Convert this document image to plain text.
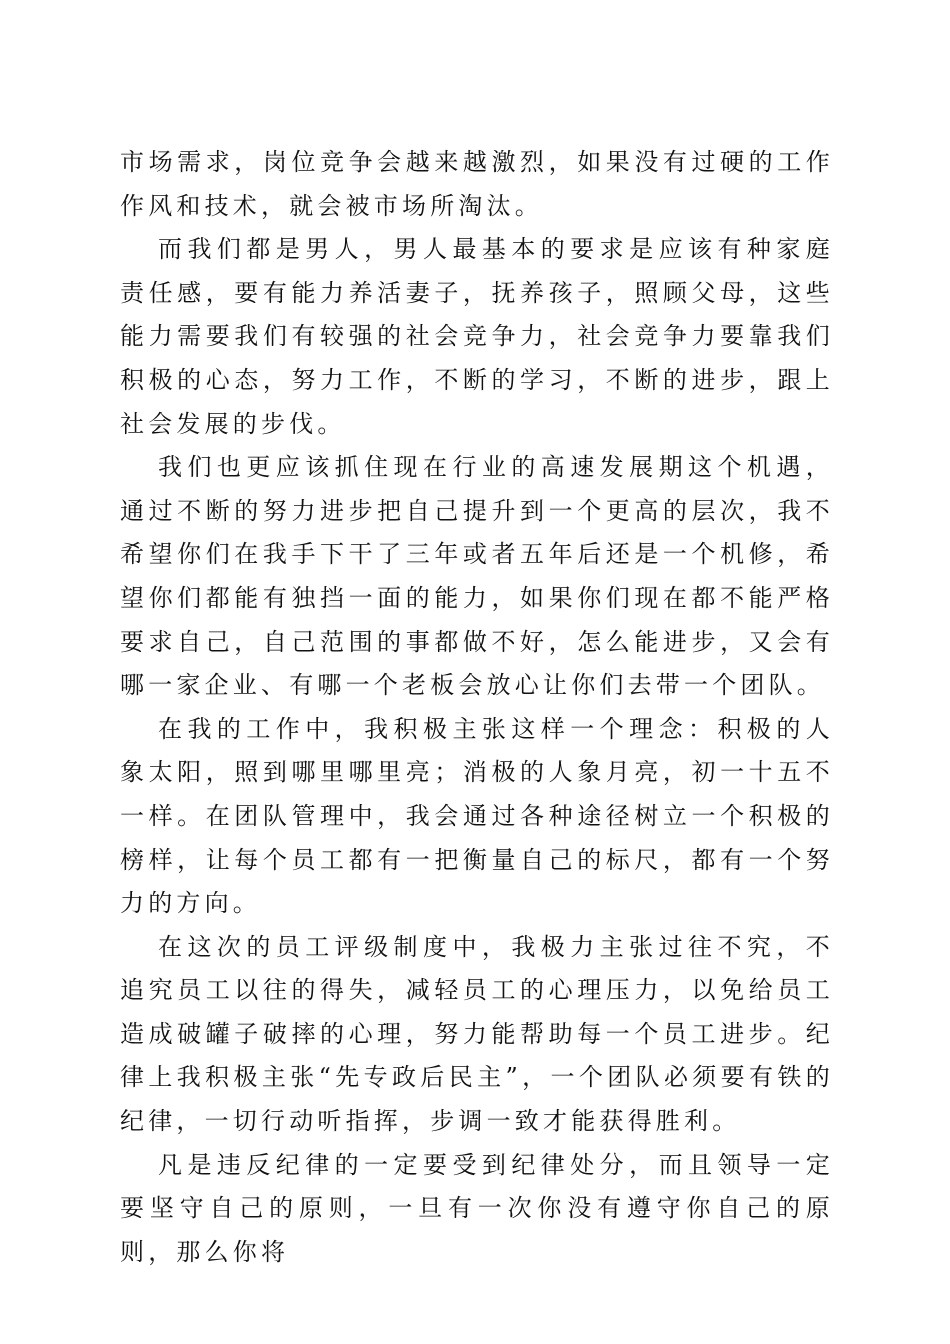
市场需求，岗位竞争会越来越激烈，如果没有过硬的工作作风和技术，就会被市场所淘汰。

而我们都是男人，男人最基本的要求是应该有种家庭责任感，要有能力养活妻子，抚养孩子，照顾父母，这些能力需要我们有较强的社会竞争力，社会竞争力要靠我们积极的心态，努力工作，不断的学习，不断的进步，跟上社会发展的步伐。

我们也更应该抓住现在行业的高速发展期这个机遇，通过不断的努力进步把自己提升到一个更高的层次，我不希望你们在我手下干了三年或者五年后还是一个机修，希望你们都能有独挡一面的能力，如果你们现在都不能严格要求自己，自己范围的事都做不好，怎么能进步，又会有哪一家企业、有哪一个老板会放心让你们去带一个团队。

在我的工作中，我积极主张这样一个理念：积极的人象太阳，照到哪里哪里亮；消极的人象月亮，初一十五不一样。在团队管理中，我会通过各种途径树立一个积极的榜样，让每个员工都有一把衡量自己的标尺，都有一个努力的方向。

在这次的员工评级制度中，我极力主张过往不究，不追究员工以往的得失，减轻员工的心理压力，以免给员工造成破罐子破摔的心理，努力能帮助每一个员工进步。纪律上我积极主张“先专政后民主”，一个团队必须要有铁的纪律，一切行动听指挥，步调一致才能获得胜利。

凡是违反纪律的一定要受到纪律处分，而且领导一定要坚守自己的原则，一旦有一次你没有遵守你自己的原则，那么你将
